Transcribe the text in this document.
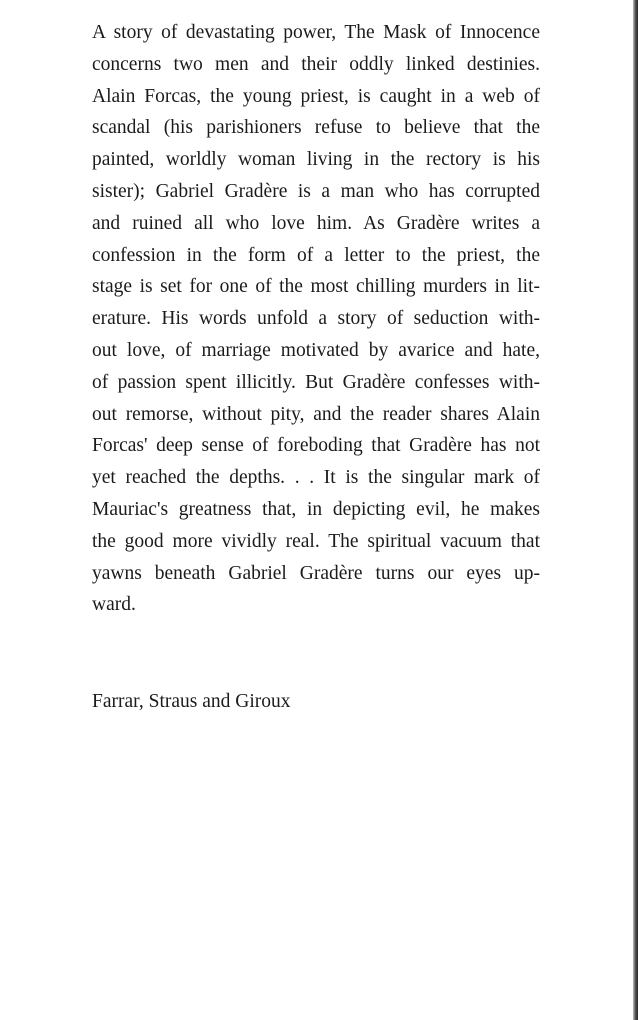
A story of devastating power, The Mask of Innocence
concerns two men and their oddly linked destinies.
Alain Forcas, the young priest, is caught in a web of
scandal (his parishioners refuse to believe that the
painted, worldly woman living in the rectory is his
sister); Gabriel Gradère is a man who has corrupted
and ruined all who love him. As Gradère writes a
confession in the form of a letter to the priest, the
stage is set for one of the most chilling murders in lit-
erature. His words unfold a story of seduction with-
out love, of marriage motivated by avarice and hate,
of passion spent illicitly. But Gradère confesses with-
out remorse, without pity, and the reader shares Alain
Forcas' deep sense of foreboding that Gradère has not
yet reached the depths. . . It is the singular mark of
Mauriac's greatness that, in depicting evil, he makes
the good more vividly real. The spiritual vacuum that
yawns beneath Gabriel Gradère turns our eyes up-
ward.
Farrar, Straus and Giroux
